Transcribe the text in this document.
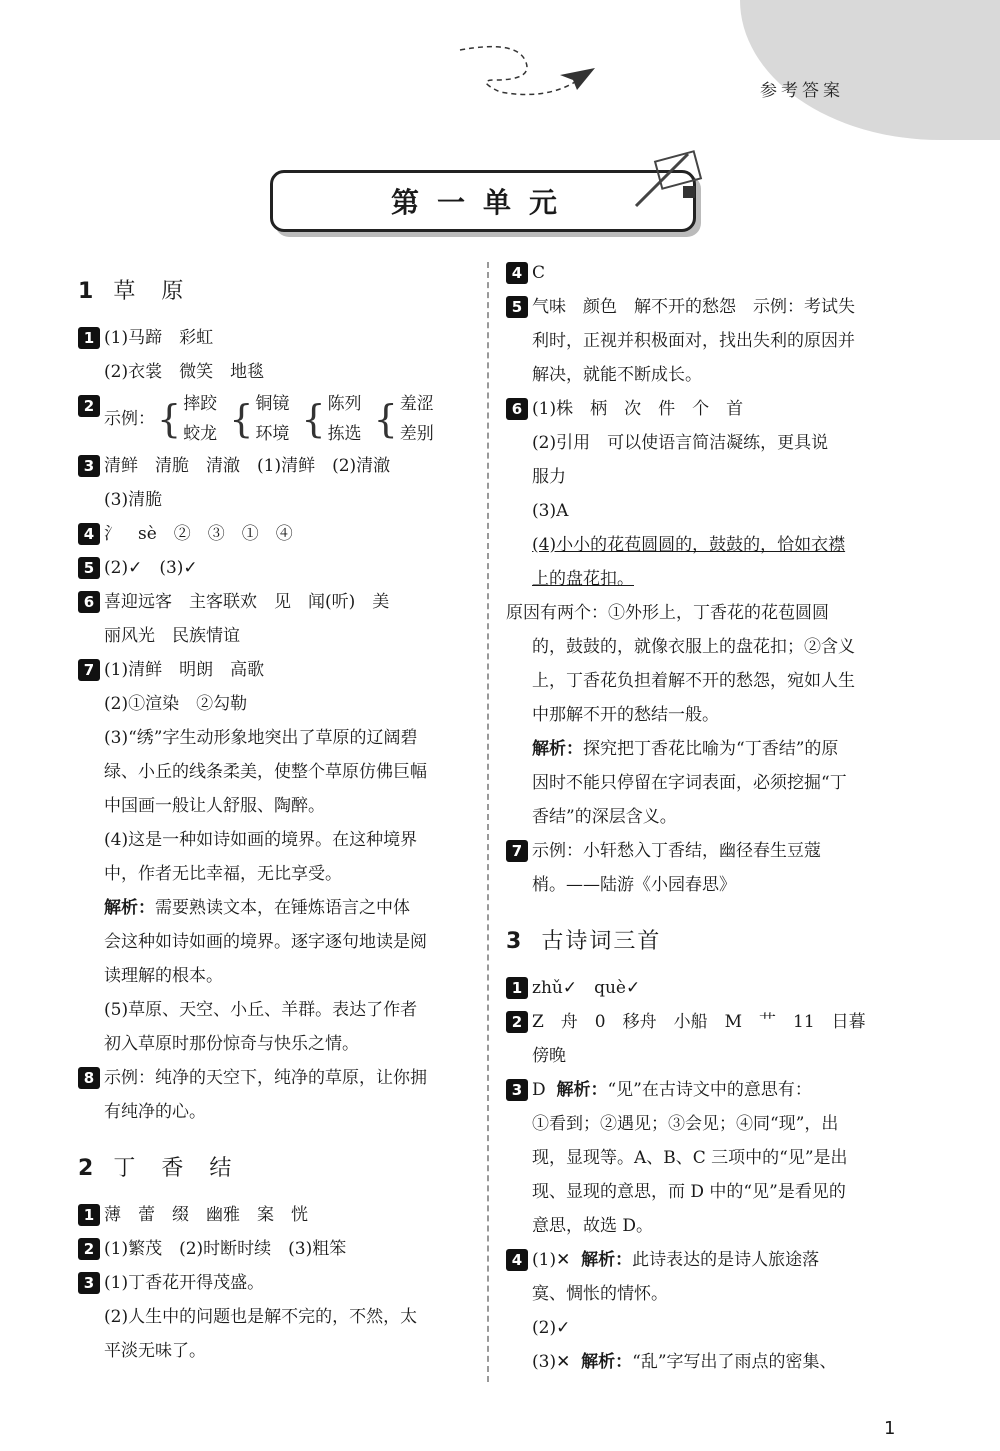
参考答案
第一单元
1 草　原
1 (1)马蹄　彩虹
(2)衣裳　微笑　地毯
2
示例： { 摔跤
蛟龙 { 铜镜
环境 { 陈列
拣选 { 羞涩
差别
3 清鲜　清脆　清澈　(1)清鲜　(2)清澈
(3)清脆
4 氵　sè　②　③　①　④
5 (2)✓　(3)✓
6 喜迎远客　主客联欢　见　闻(听)　美
丽风光　民族情谊
7 (1)清鲜　明朗　高歌
(2)①渲染　②勾勒
(3)“绣”字生动形象地突出了草原的辽阔碧
绿、小丘的线条柔美，使整个草原仿佛巨幅
中国画一般让人舒服、陶醉。
(4)这是一种如诗如画的境界。在这种境界
中，作者无比幸福，无比享受。
解析：需要熟读文本，在锤炼语言之中体
会这种如诗如画的境界。逐字逐句地读是阅
读理解的根本。
(5)草原、天空、小丘、羊群。表达了作者
初入草原时那份惊奇与快乐之情。
8 示例：纯净的天空下，纯净的草原，让你拥
有纯净的心。
2 丁　香　结
1 薄　蕾　缀　幽雅　案　恍
2 (1)繁茂　(2)时断时续　(3)粗笨
3 (1)丁香花开得茂盛。
(2)人生中的问题也是解不完的，不然，太
平淡无味了。
4 C
5 气味　颜色　解不开的愁怨　示例：考试失
利时，正视并积极面对，找出失利的原因并
解决，就能不断成长。
6 (1)株　柄　次　件　个　首
(2)引用　可以使语言简洁凝练，更具说
服力
(3)A
(4)小小的花苞圆圆的，鼓鼓的，恰如衣襟
上的盘花扣。
原因有两个：①外形上，丁香花的花苞圆圆
的，鼓鼓的，就像衣服上的盘花扣；②含义
上，丁香花负担着解不开的愁怨，宛如人生
中那解不开的愁结一般。
解析：探究把丁香花比喻为“丁香结”的原
因时不能只停留在字词表面，必须挖掘“丁
香结”的深层含义。
7 示例：小轩愁入丁香结，幽径春生豆蔻
梢。——陆游《小园春思》
3 古诗词三首
1 zhǔ✓　què✓
2 Z　舟　0　移舟　小船　M　艹　11　日暮
傍晚
3 D 解析：“见”在古诗文中的意思有：
①看到；②遇见；③会见；④同“现”，出
现，显现等。A、B、C 三项中的“见”是出
现、显现的意思，而 D 中的“见”是看见的
意思，故选 D。
4 (1)✕ 解析：此诗表达的是诗人旅途落
寞、惆怅的情怀。
(2)✓
(3)✕ 解析：“乱”字写出了雨点的密集、
1
